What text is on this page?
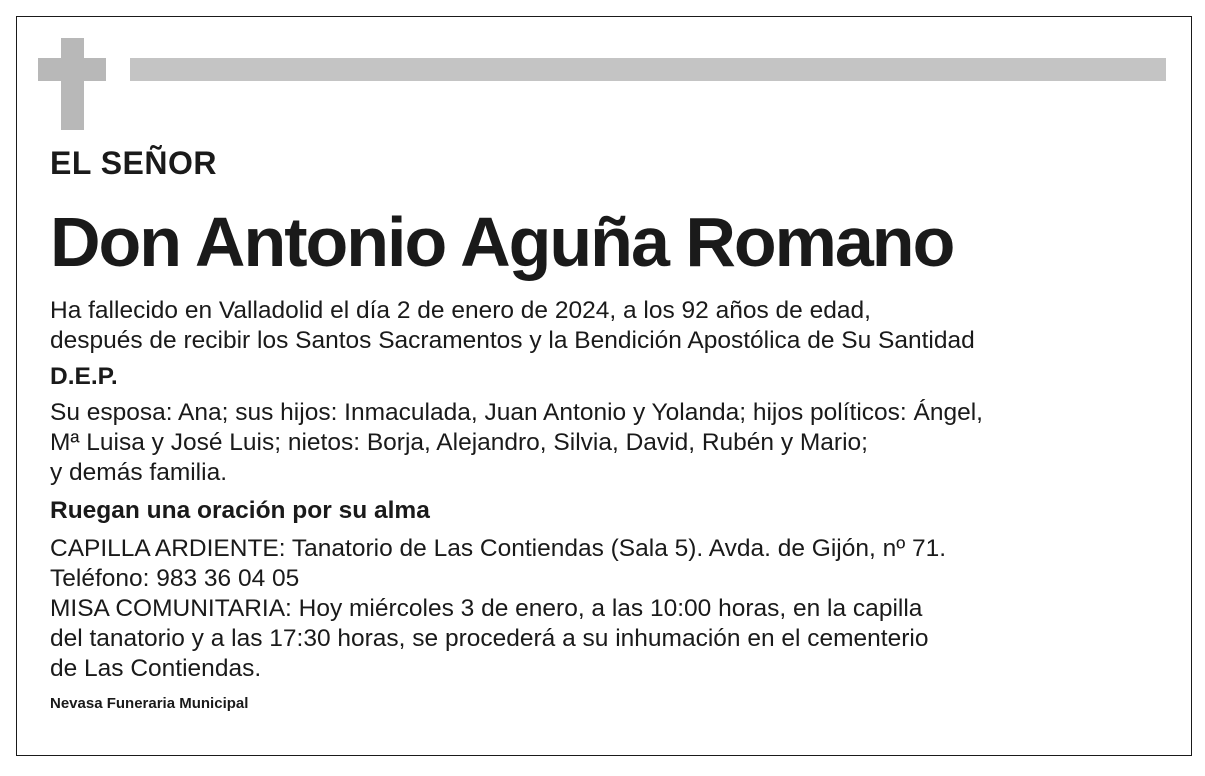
EL SEÑOR

Don Antonio Aguña Romano

Ha fallecido en Valladolid el día 2 de enero de 2024, a los 92 años de edad,

después de recibir los Santos Sacramentos y la Bendición Apostólica de Su Santidad

D.E.P.

Su esposa: Ana; sus hijos: Inmaculada, Juan Antonio y Yolanda; hijos políticos: Ángel,

Mª Luisa y José Luis; nietos: Borja, Alejandro, Silvia, David, Rubén y Mario;

y demás familia.

Ruegan una oración por su alma

CAPILLA ARDIENTE: Tanatorio de Las Contiendas (Sala 5). Avda. de Gijón, nº 71.

Teléfono: 983 36 04 05

MISA COMUNITARIA: Hoy miércoles 3 de enero, a las 10:00 horas, en la capilla

del tanatorio y a las 17:30 horas, se procederá a su inhumación en el cementerio

de Las Contiendas.

Nevasa Funeraria Municipal
